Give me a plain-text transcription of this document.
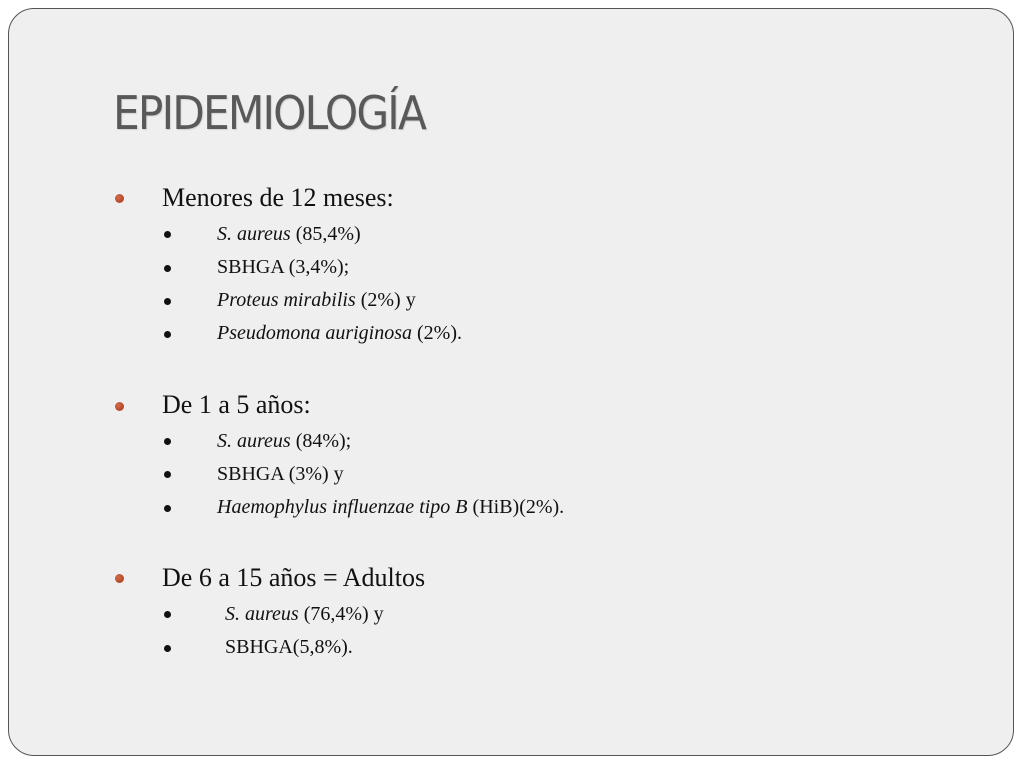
EPIDEMIOLOGÍA
Menores de 12 meses:
S. aureus (85,4%)
SBHGA (3,4%);
Proteus mirabilis (2%) y
Pseudomona auriginosa (2%).
De 1 a 5 años:
S. aureus (84%);
SBHGA (3%) y
Haemophylus influenzae tipo B (HiB)(2%).
De 6 a 15 años = Adultos
S. aureus (76,4%) y
SBHGA(5,8%).
